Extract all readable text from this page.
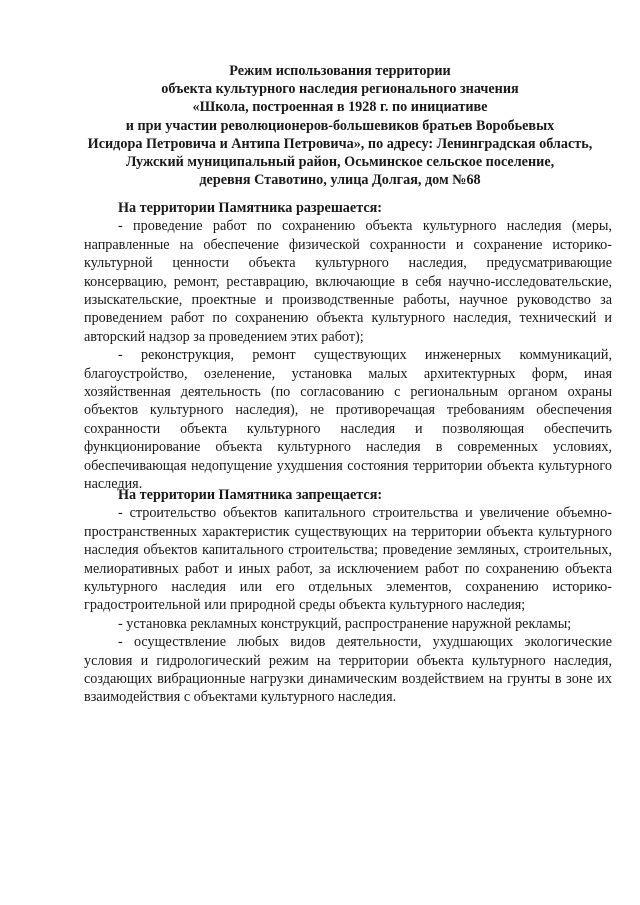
Режим использования территории
объекта культурного наследия регионального значения
«Школа, построенная в 1928 г. по инициативе
и при участии революционеров-большевиков братьев Воробьевых
Исидора Петровича и Антипа Петровича», по адресу: Ленинградская область,
Лужский муниципальный район, Осьминское сельское поселение,
деревня Ставотино, улица Долгая, дом №68

На территории Памятника разрешается:

- проведение работ по сохранению объекта культурного наследия (меры, направленные на обеспечение физической сохранности и сохранение историко-культурной ценности объекта культурного наследия, предусматривающие консервацию, ремонт, реставрацию, включающие в себя научно-исследовательские, изыскательские, проектные и производственные работы, научное руководство за проведением работ по сохранению объекта культурного наследия, технический и авторский надзор за проведением этих работ);

- реконструкция, ремонт существующих инженерных коммуникаций, благоустройство, озеленение, установка малых архитектурных форм, иная хозяйственная деятельность (по согласованию с региональным органом охраны объектов культурного наследия), не противоречащая требованиям обеспечения сохранности объекта культурного наследия и позволяющая обеспечить функционирование объекта культурного наследия в современных условиях, обеспечивающая недопущение ухудшения состояния территории объекта культурного наследия.

На территории Памятника запрещается:

- строительство объектов капитального строительства и увеличение объемно-пространственных характеристик существующих на территории объекта культурного наследия объектов капитального строительства; проведение земляных, строительных, мелиоративных работ и иных работ, за исключением работ по сохранению объекта культурного наследия или его отдельных элементов, сохранению историко-градостроительной или природной среды объекта культурного наследия;

- установка рекламных конструкций, распространение наружной рекламы;

- осуществление любых видов деятельности, ухудшающих экологические условия и гидрологический режим на территории объекта культурного наследия, создающих вибрационные нагрузки динамическим воздействием на грунты в зоне их взаимодействия с объектами культурного наследия.
